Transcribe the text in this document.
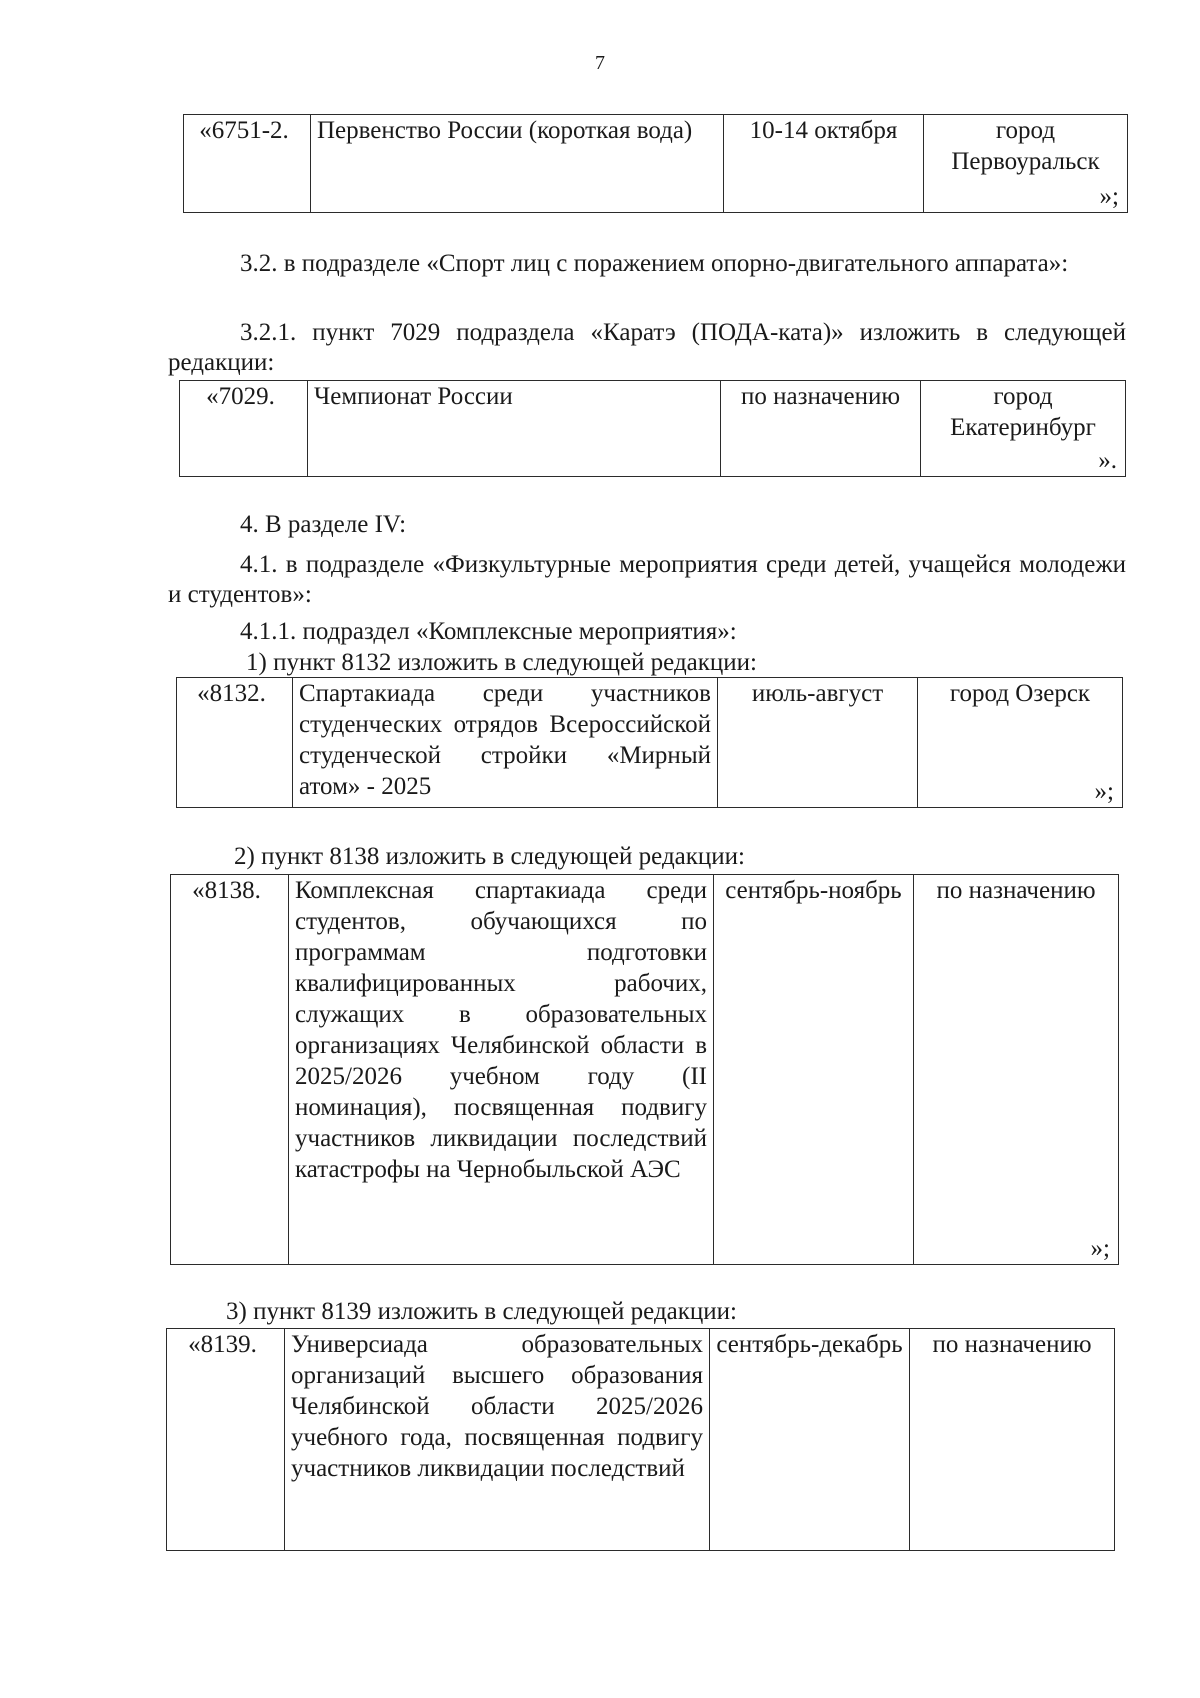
7
«6751-2.	Первенство России (короткая вода)	10-14 октября	город Первоуральск
»;
3.2. в подразделе «Спорт лиц с поражением опорно-двигательного аппарата»:
3.2.1. пункт 7029 подраздела «Каратэ (ПОДА-ката)» изложить в следующей редакции:
«7029.	Чемпионат России	по назначению	город Екатеринбург
».
4. В разделе IV:
4.1. в подразделе «Физкультурные мероприятия среди детей, учащейся молодежи и студентов»:
4.1.1. подраздел «Комплексные мероприятия»:
1) пункт 8132 изложить в следующей редакции:
«8132.	Спартакиада среди участников студенческих отрядов Всероссийской студенческой стройки «Мирный атом» - 2025	июль-август	город Озерск
»;
2) пункт 8138 изложить в следующей редакции:
«8138.	Комплексная спартакиада среди студентов, обучающихся по программам подготовки квалифицированных рабочих, служащих в образовательных организациях Челябинской области в 2025/2026 учебном году (II номинация), посвященная подвигу участников ликвидации последствий катастрофы на Чернобыльской АЭС	сентябрь-ноябрь	по назначению
»;
3) пункт 8139 изложить в следующей редакции:
«8139.	Универсиада образовательных организаций высшего образования Челябинской области 2025/2026 учебного года, посвященная подвигу участников ликвидации последствий	сентябрь-декабрь	по назначению
